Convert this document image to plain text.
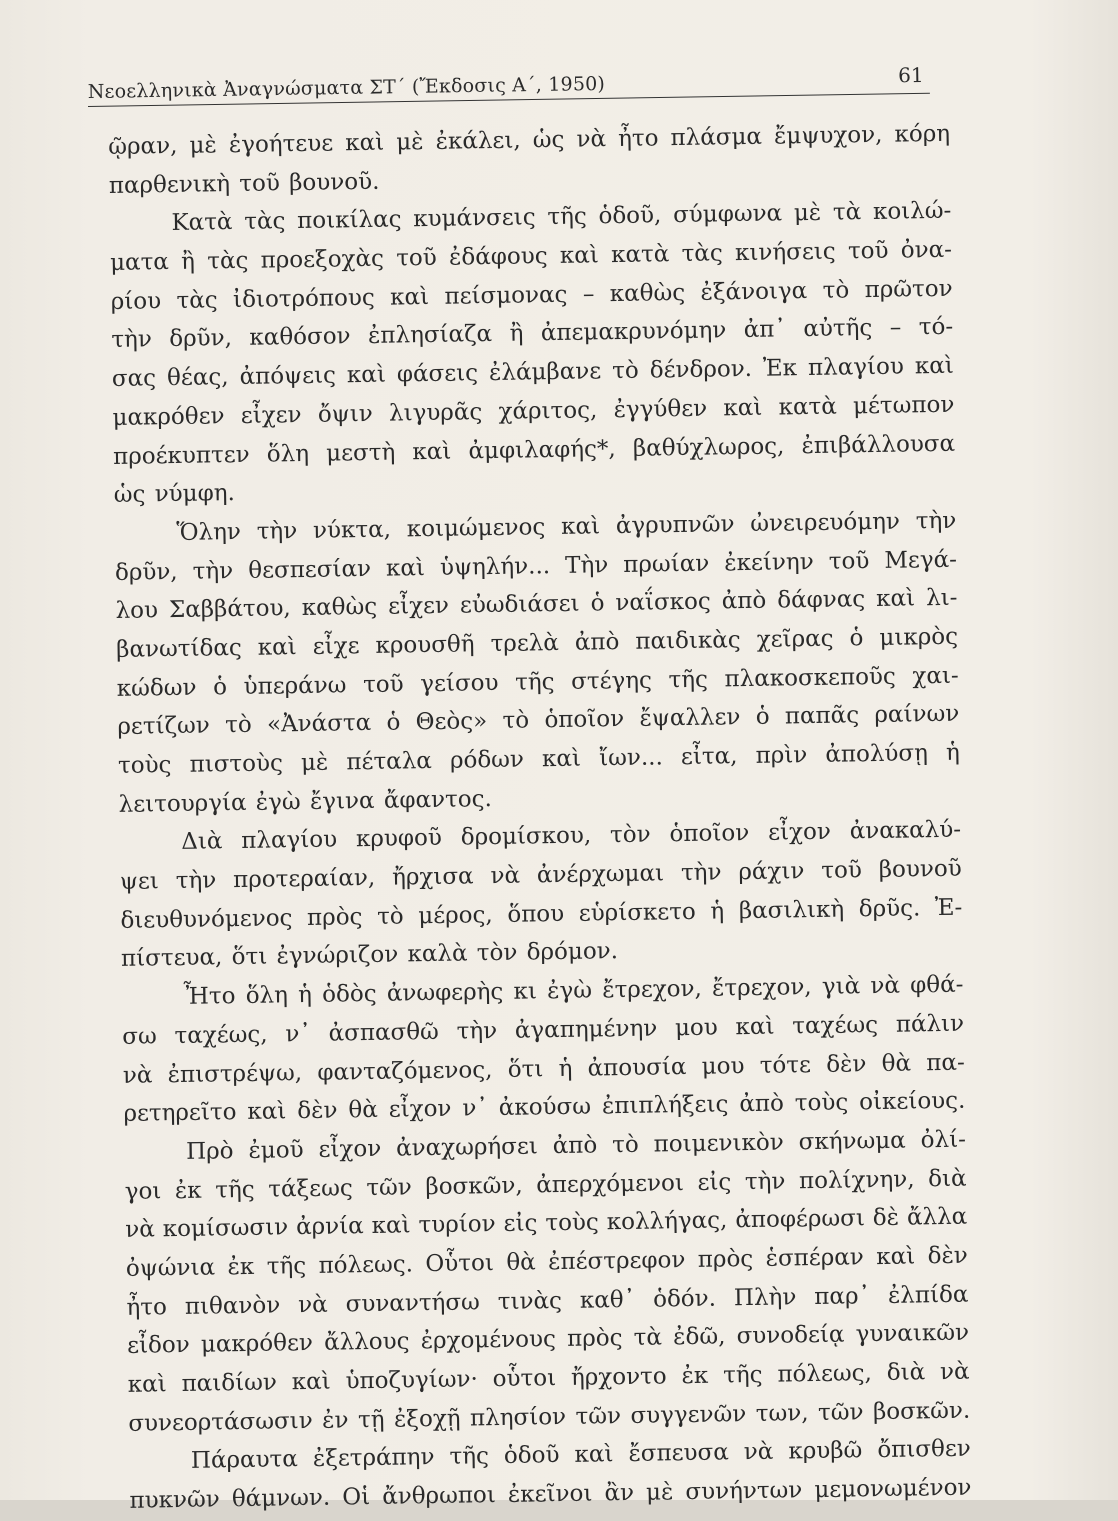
Νεοελληνικὰ Ἀναγνώσματα ΣΤ΄ (Ἔκδοσις Α΄, 1950)	61
ῷραν, μὲ ἐγοήτευε καὶ μὲ ἐκάλει, ὡς νὰ ἦτο πλάσμα ἔμψυχον, κόρη
παρθενικὴ τοῦ βουνοῦ.
Κατὰ τὰς ποικίλας κυμάνσεις τῆς ὁδοῦ, σύμφωνα μὲ τὰ κοιλώ-
ματα ἢ τὰς προεξοχὰς τοῦ ἐδάφους καὶ κατὰ τὰς κινήσεις τοῦ ὀνα-
ρίου τὰς ἰδιοτρόπους καὶ πείσμονας – καθὼς ἐξάνοιγα τὸ πρῶτον
τὴν δρῦν, καθόσον ἐπλησίαζα ἢ ἀπεμακρυνόμην ἀπ᾽ αὐτῆς – τό-
σας θέας, ἀπόψεις καὶ φάσεις ἐλάμβανε τὸ δένδρον. Ἐκ πλαγίου καὶ
μακρόθεν εἶχεν ὄψιν λιγυρᾶς χάριτος, ἐγγύθεν καὶ κατὰ μέτωπον
προέκυπτεν ὅλη μεστὴ καὶ ἀμφιλαφής*, βαθύχλωρος, ἐπιβάλλουσα
ὡς νύμφη.
Ὅλην τὴν νύκτα, κοιμώμενος καὶ ἀγρυπνῶν ὠνειρευόμην τὴν
δρῦν, τὴν θεσπεσίαν καὶ ὑψηλήν... Τὴν πρωίαν ἐκείνην τοῦ Μεγά-
λου Σαββάτου, καθὼς εἶχεν εὐωδιάσει ὁ ναΐσκος ἀπὸ δάφνας καὶ λι-
βανωτίδας καὶ εἶχε κρουσθῆ τρελὰ ἀπὸ παιδικὰς χεῖρας ὁ μικρὸς
κώδων ὁ ὑπεράνω τοῦ γείσου τῆς στέγης τῆς πλακοσκεποῦς χαι-
ρετίζων τὸ «Ἀνάστα ὁ Θεὸς» τὸ ὁποῖον ἔψαλλεν ὁ παπᾶς ραίνων
τοὺς πιστοὺς μὲ πέταλα ρόδων καὶ ἴων... εἶτα, πρὶν ἀπολύσῃ ἡ
λειτουργία ἐγὼ ἔγινα ἄφαντος.
Διὰ πλαγίου κρυφοῦ δρομίσκου, τὸν ὁποῖον εἶχον ἀνακαλύ-
ψει τὴν προτεραίαν, ἤρχισα νὰ ἀνέρχωμαι τὴν ράχιν τοῦ βουνοῦ
διευθυνόμενος πρὸς τὸ μέρος, ὅπου εὑρίσκετο ἡ βασιλικὴ δρῦς. Ἐ-
πίστευα, ὅτι ἐγνώριζον καλὰ τὸν δρόμον.
Ἦτο ὅλη ἡ ὁδὸς ἀνωφερὴς κι ἐγὼ ἔτρεχον, ἔτρεχον, γιὰ νὰ φθά-
σω ταχέως, ν᾽ ἀσπασθῶ τὴν ἀγαπημένην μου καὶ ταχέως πάλιν
νὰ ἐπιστρέψω, φανταζόμενος, ὅτι ἡ ἀπουσία μου τότε δὲν θὰ πα-
ρετηρεῖτο καὶ δὲν θὰ εἶχον ν᾽ ἀκούσω ἐπιπλήξεις ἀπὸ τοὺς οἰκείους.
Πρὸ ἐμοῦ εἶχον ἀναχωρήσει ἀπὸ τὸ ποιμενικὸν σκήνωμα ὀλί-
γοι ἐκ τῆς τάξεως τῶν βοσκῶν, ἀπερχόμενοι εἰς τὴν πολίχνην, διὰ
νὰ κομίσωσιν ἀρνία καὶ τυρίον εἰς τοὺς κολλήγας, ἀποφέρωσι δὲ ἄλλα
ὀψώνια ἐκ τῆς πόλεως. Οὗτοι θὰ ἐπέστρεφον πρὸς ἑσπέραν καὶ δὲν
ἦτο πιθανὸν νὰ συναντήσω τινὰς καθ᾽ ὁδόν. Πλὴν παρ᾽ ἐλπίδα
εἶδον μακρόθεν ἄλλους ἐρχομένους πρὸς τὰ ἐδῶ, συνοδείᾳ γυναικῶν
καὶ παιδίων καὶ ὑποζυγίων· οὗτοι ἤρχοντο ἐκ τῆς πόλεως, διὰ νὰ
συνεορτάσωσιν ἐν τῇ ἐξοχῇ πλησίον τῶν συγγενῶν των, τῶν βοσκῶν.
Πάραυτα ἐξετράπην τῆς ὁδοῦ καὶ ἔσπευσα νὰ κρυβῶ ὄπισθεν
πυκνῶν θάμνων. Οἱ ἄνθρωποι ἐκεῖνοι ἂν μὲ συνήντων μεμονωμένον
